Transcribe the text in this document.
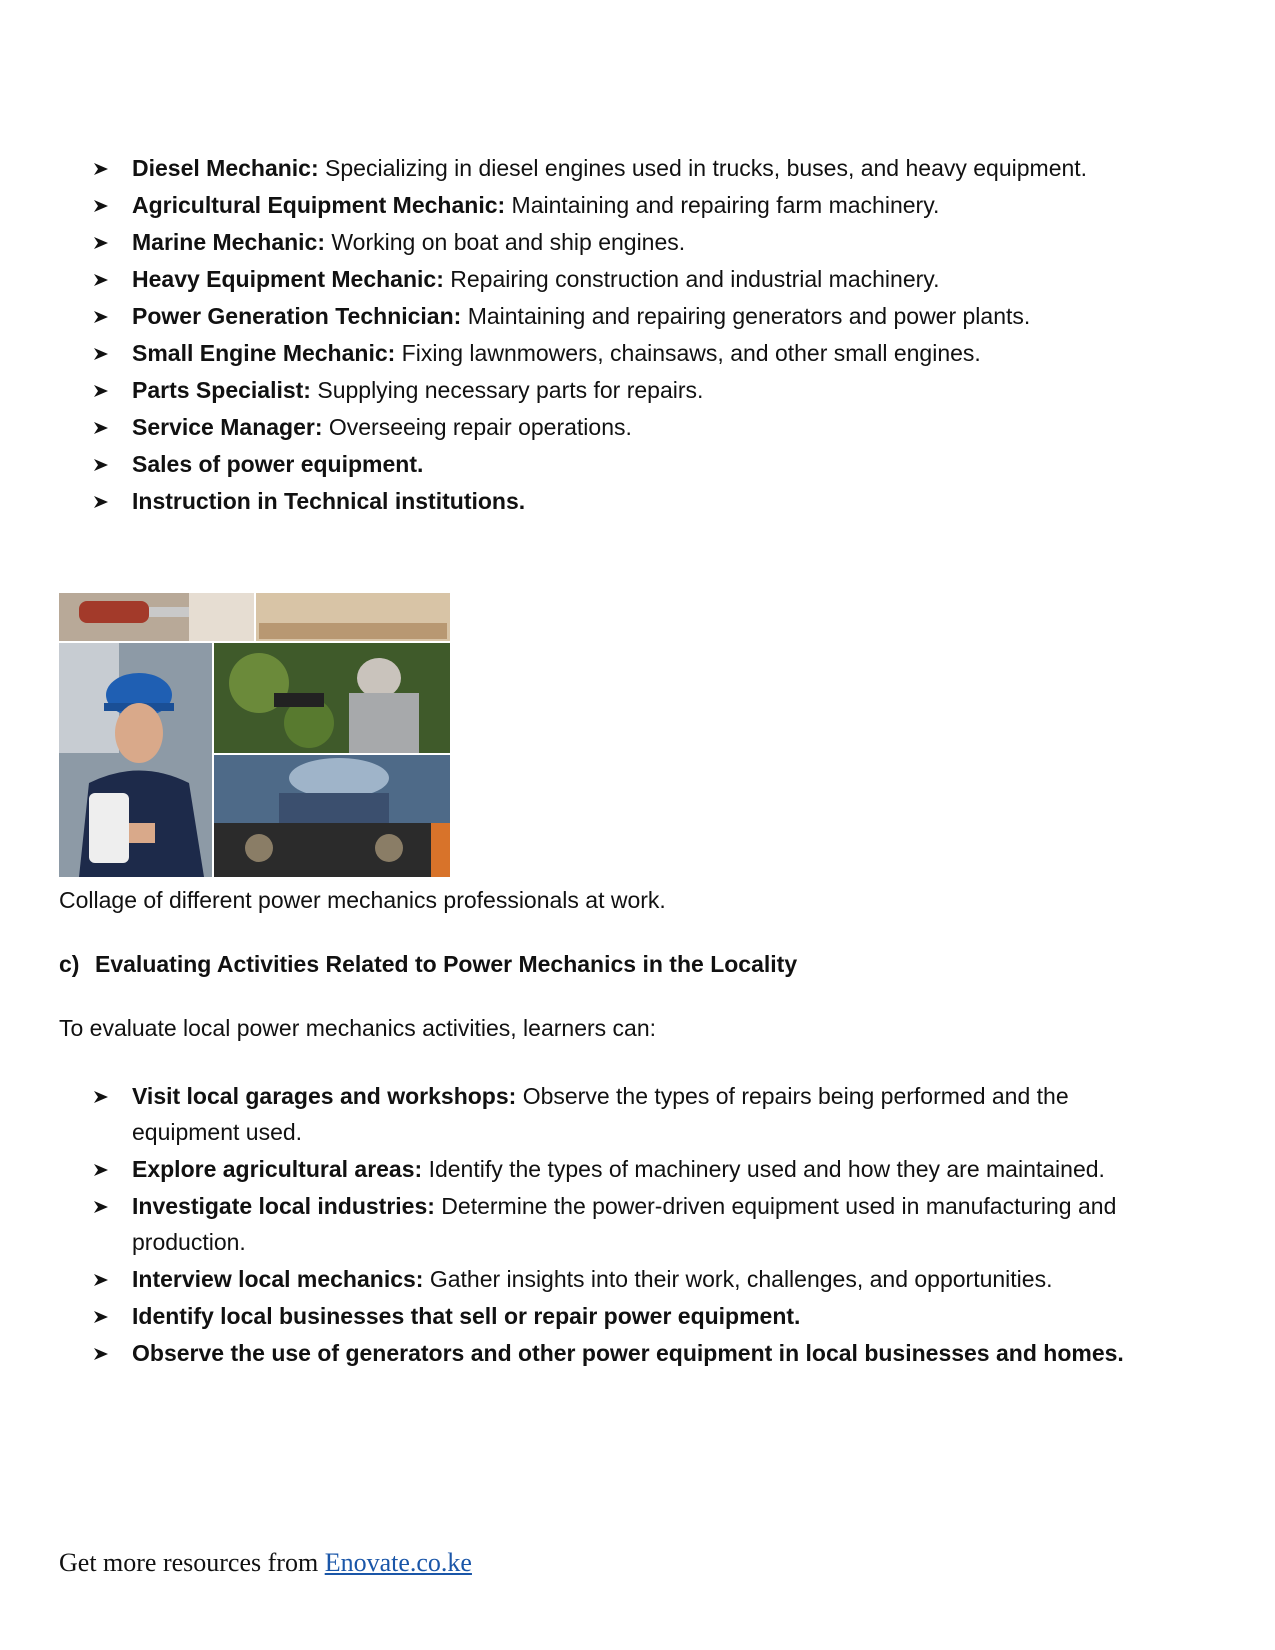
Diesel Mechanic: Specializing in diesel engines used in trucks, buses, and heavy equipment.
Agricultural Equipment Mechanic: Maintaining and repairing farm machinery.
Marine Mechanic: Working on boat and ship engines.
Heavy Equipment Mechanic: Repairing construction and industrial machinery.
Power Generation Technician: Maintaining and repairing generators and power plants.
Small Engine Mechanic: Fixing lawnmowers, chainsaws, and other small engines.
Parts Specialist: Supplying necessary parts for repairs.
Service Manager: Overseeing repair operations.
Sales of power equipment.
Instruction in Technical institutions.
Collage of different power mechanics professionals at work.
c) Evaluating Activities Related to Power Mechanics in the Locality
To evaluate local power mechanics activities, learners can:
Visit local garages and workshops: Observe the types of repairs being performed and the equipment used.
Explore agricultural areas: Identify the types of machinery used and how they are maintained.
Investigate local industries: Determine the power-driven equipment used in manufacturing and production.
Interview local mechanics: Gather insights into their work, challenges, and opportunities.
Identify local businesses that sell or repair power equipment.
Observe the use of generators and other power equipment in local businesses and homes.
Get more resources from Enovate.co.ke
